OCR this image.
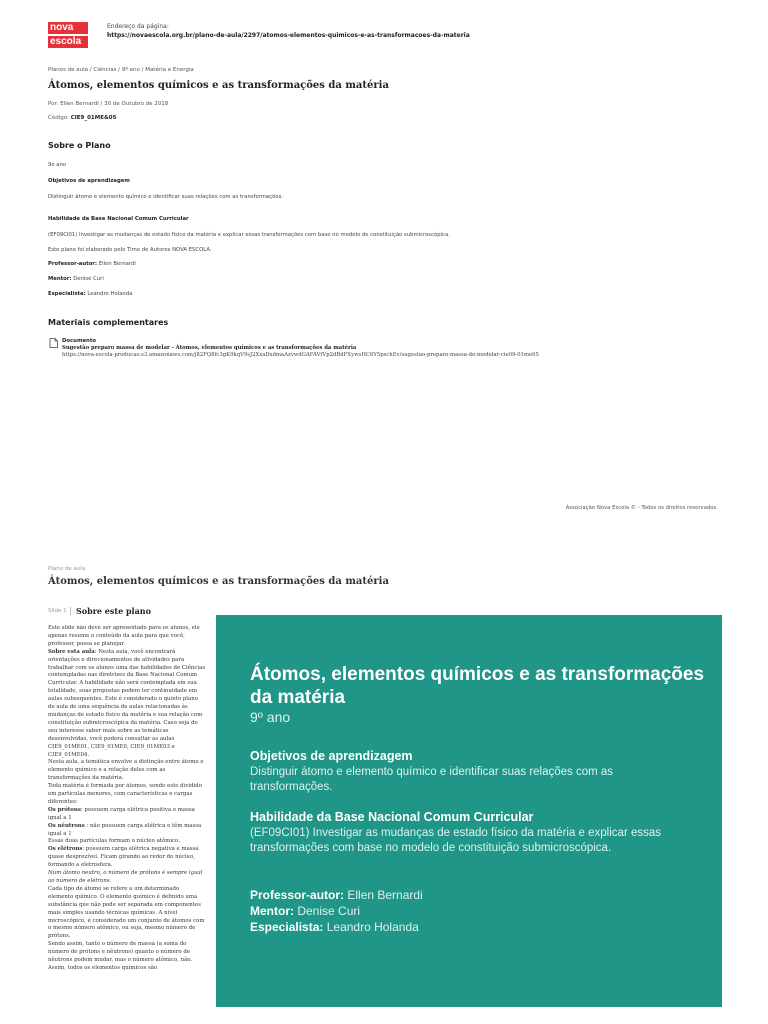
nova
escola
Endereço da página:
https://novaescola.org.br/plano-de-aula/2297/atomos-elementos-quimicos-e-as-transformacoes-da-materia
Planos de aula / Ciências / 9º ano / Matéria e Energia
Átomos, elementos químicos e as transformações da matéria
Por: Ellen Bernardi / 30 de Outubro de 2018
Código: CIE9_01ME&05
Sobre o Plano
9o ano
Objetivos de aprendizagem
Distinguir átomo e elemento químico e identificar suas relações com as transformações.
Habilidade da Base Nacional Comum Curricular
(EF09CI01) Investigar as mudanças de estado físico da matéria e explicar essas transformações com base no modelo de constituição submicroscópica.
Este plano foi elaborado pelo Time de Autores NOVA ESCOLA.
Professor-autor: Ellen Bernardi
Mentor: Denise Curi
Especialista: Leandro Holanda
Materiais complementares
Documento
Sugestão preparo massa de modelar - Átomos, elementos químicos e as transformações da matéria
https://nova-escola-producao.s3.amazonaws.com/j82FQ8fc3gK9kqV9sJ2XxaDxdmaAzvwdGAFAVfVp2dBdFXywsHC6Y5pschEv/sugestao-preparo-massa-de-modelar-cie09-01me05
Associação Nova Escola © - Todos os direitos reservados.
Plano de aula
Átomos, elementos químicos e as transformações da matéria
Slide 1 Sobre este plano
Este slide não deve ser apresentado para os alunos, ele apenas resume o conteúdo da aula para que você, professor, possa se planejar.
Sobre esta aula: Nesta aula, você encontrará orientações e direcionamentos de atividades para trabalhar com os alunos uma das habilidades de Ciências contempladas nas diretrizes da Base Nacional Comum Curricular. A habilidade não será contemplada em sua totalidade, suas propostas podem ter continuidade em aulas subsequentes. Este é considerado o quinto plano de aula de uma sequência de aulas relacionadas às mudanças de estado físico da matéria e sua relação com constituição submicroscópica da matéria. Caso seja do seu interesse saber mais sobre as temáticas desenvolvidas, você poderá consultar as aulas CIE9_01ME01, CIE9_01ME0, CIE9_01ME03 e CIE9_01ME04.
Nesta aula, a temática envolve a distinção entre átomo e elemento químico e a relação deles com as transformações da matéria.
Toda matéria é formada por átomos, sendo este dividido em partículas menores, com características e cargas diferentes:
Os prótons: possuem carga elétrica positiva e massa igual a 1
Os nêutrons : não possuem carga elétrica e têm massa igual a 1
Essas duas partículas formam o núcleo atômico.
Os elétrons: possuem carga elétrica negativa e massa quase desprezível. Ficam girando ao redor do núcleo, formando a eletrosfera.
Num átomo neutro, o número de prótons é sempre igual ao número de elétrons.
Cada tipo de átomo se refere a um determinado elemento químico. O elemento químico é definido uma substância que não pode ser separada em componentes mais simples usando técnicas químicas. A nível microscópico, é considerado um conjunto de átomos com o mesmo número atômico, ou seja, mesmo número de prótons.
Sendo assim, tanto o número de massa (a soma do número de prótons e nêutrons) quanto o número de nêutrons podem mudar, mas o número atômico, não.
Assim, todos os elementos químicos são
Átomos, elementos químicos e as transformações da matéria
9º ano
Objetivos de aprendizagem
Distinguir átomo e elemento químico e identificar suas relações com as transformações.
Habilidade da Base Nacional Comum Curricular
(EF09CI01) Investigar as mudanças de estado físico da matéria e explicar essas transformações com base no modelo de constituição submicroscópica.
Professor-autor: Ellen Bernardi
Mentor: Denise Curi
Especialista: Leandro Holanda
